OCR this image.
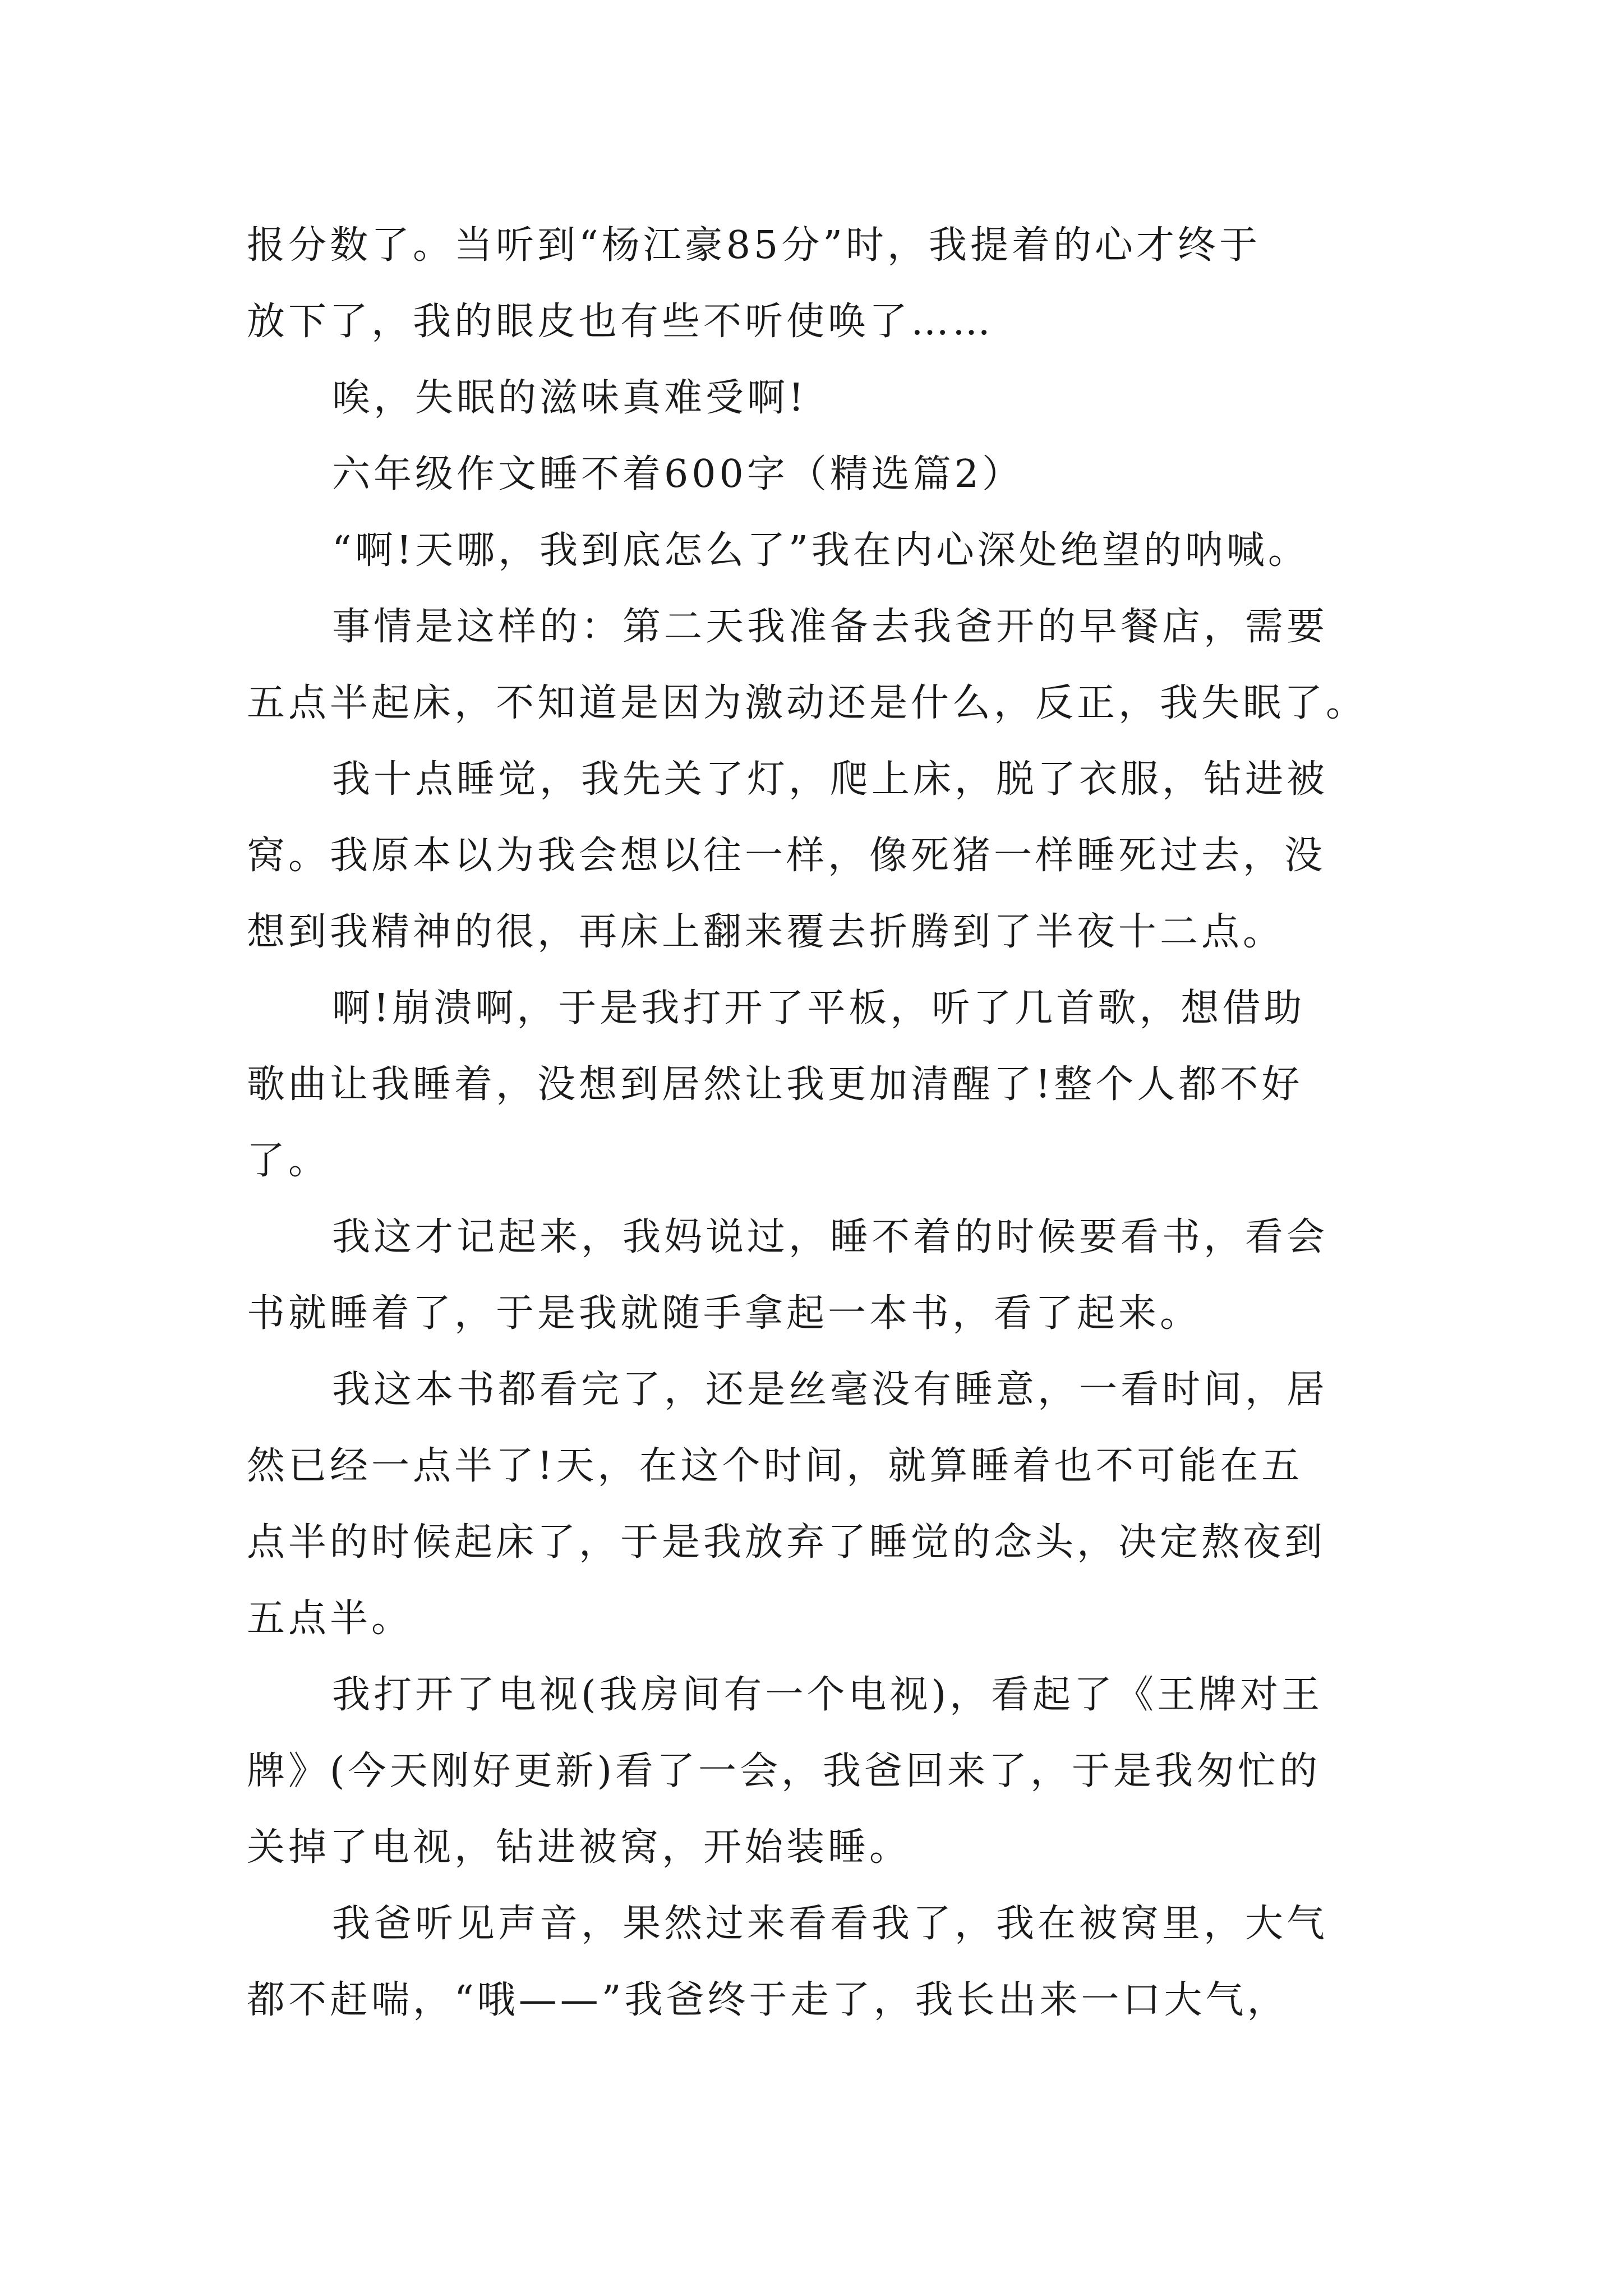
报分数了。当听到“杨江豪85分”时，我提着的心才终于
放下了，我的眼皮也有些不听使唤了……
唉，失眠的滋味真难受啊!
六年级作文睡不着600字（精选篇2）
“啊!天哪，我到底怎么了”我在内心深处绝望的呐喊。
事情是这样的：第二天我准备去我爸开的早餐店，需要
五点半起床，不知道是因为激动还是什么，反正，我失眠了。
我十点睡觉，我先关了灯，爬上床，脱了衣服，钻进被
窝。我原本以为我会想以往一样，像死猪一样睡死过去，没
想到我精神的很，再床上翻来覆去折腾到了半夜十二点。
啊!崩溃啊，于是我打开了平板，听了几首歌，想借助
歌曲让我睡着，没想到居然让我更加清醒了!整个人都不好
了。
我这才记起来，我妈说过，睡不着的时候要看书，看会
书就睡着了，于是我就随手拿起一本书，看了起来。
我这本书都看完了，还是丝毫没有睡意，一看时间，居
然已经一点半了!天，在这个时间，就算睡着也不可能在五
点半的时候起床了，于是我放弃了睡觉的念头，决定熬夜到
五点半。
我打开了电视(我房间有一个电视)，看起了《王牌对王
牌》(今天刚好更新)看了一会，我爸回来了，于是我匆忙的
关掉了电视，钻进被窝，开始装睡。
我爸听见声音，果然过来看看我了，我在被窝里，大气
都不赶喘，“哦——”我爸终于走了，我长出来一口大气，
